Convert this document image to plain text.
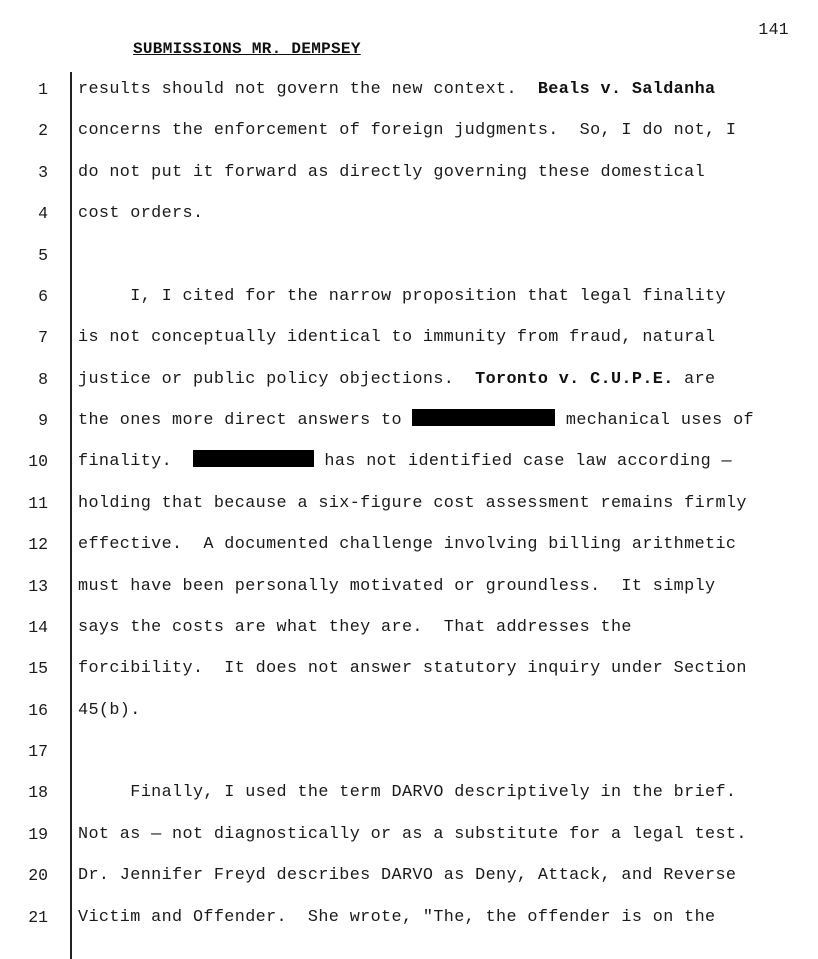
141
SUBMISSIONS MR. DEMPSEY
1 results should not govern the new context.  Beals v. Saldanha
2 concerns the enforcement of foreign judgments.  So, I do not, I
3 do not put it forward as directly governing these domestical
4 cost orders.
5
6 I, I cited for the narrow proposition that legal finality
7 is not conceptually identical to immunity from fraud, natural
8 justice or public policy objections.  Toronto v. C.U.P.E. are
9 the ones more direct answers to	mechanical uses of
10 finality.	has not identified case law according —
11 holding that because a six-figure cost assessment remains firmly
12 effective.  A documented challenge involving billing arithmetic
13 must have been personally motivated or groundless.  It simply
14 says the costs are what they are.  That addresses the
15 forcibility.  It does not answer statutory inquiry under Section
16 45(b).
17
18 Finally, I used the term DARVO descriptively in the brief.
19 Not as — not diagnostically or as a substitute for a legal test.
20 Dr. Jennifer Freyd describes DARVO as Deny, Attack, and Reverse
21 Victim and Offender.  She wrote, "The, the offender is on the
